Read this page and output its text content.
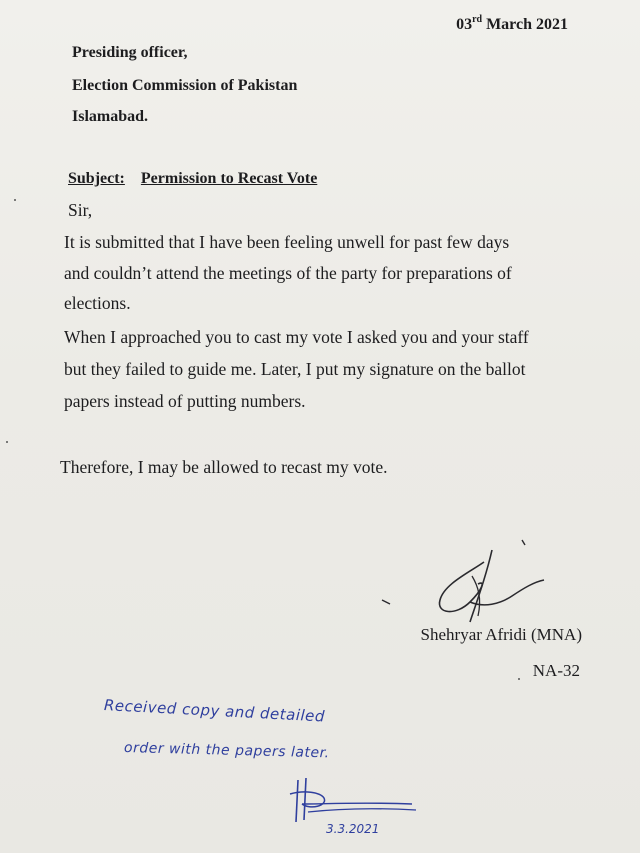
03rd March 2021
Presiding officer,
Election Commission of Pakistan
Islamabad.
Subject: Permission to Recast Vote
Sir,
It is submitted that I have been feeling unwell for past few days
and couldn’t attend the meetings of the party for preparations of
elections.
When I approached you to cast my vote I asked you and your staff
but they failed to guide me. Later, I put my signature on the ballot
papers instead of putting numbers.
Therefore, I may be allowed to recast my vote.
Shehryar Afridi (MNA)
NA-32
Received copy and detailed
order with the papers later.
3.3.2021
